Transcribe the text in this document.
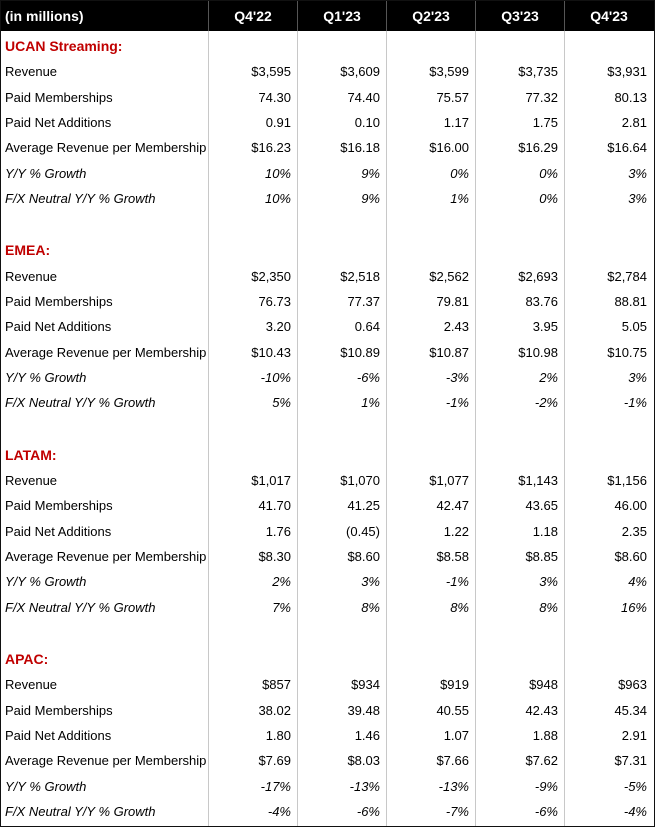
(in millions)	Q4'22	Q1'23	Q2'23	Q3'23	Q4'23
UCAN Streaming:
Revenue	$3,595	$3,609	$3,599	$3,735	$3,931
Paid Memberships	74.30	74.40	75.57	77.32	80.13
Paid Net Additions	0.91	0.10	1.17	1.75	2.81
Average Revenue per Membership	$16.23	$16.18	$16.00	$16.29	$16.64
Y/Y % Growth	10%	9%	0%	0%	3%
F/X Neutral Y/Y % Growth	10%	9%	1%	0%	3%
EMEA:
Revenue	$2,350	$2,518	$2,562	$2,693	$2,784
Paid Memberships	76.73	77.37	79.81	83.76	88.81
Paid Net Additions	3.20	0.64	2.43	3.95	5.05
Average Revenue per Membership	$10.43	$10.89	$10.87	$10.98	$10.75
Y/Y % Growth	-10%	-6%	-3%	2%	3%
F/X Neutral Y/Y % Growth	5%	1%	-1%	-2%	-1%
LATAM:
Revenue	$1,017	$1,070	$1,077	$1,143	$1,156
Paid Memberships	41.70	41.25	42.47	43.65	46.00
Paid Net Additions	1.76	(0.45)	1.22	1.18	2.35
Average Revenue per Membership	$8.30	$8.60	$8.58	$8.85	$8.60
Y/Y % Growth	2%	3%	-1%	3%	4%
F/X Neutral Y/Y % Growth	7%	8%	8%	8%	16%
APAC:
Revenue	$857	$934	$919	$948	$963
Paid Memberships	38.02	39.48	40.55	42.43	45.34
Paid Net Additions	1.80	1.46	1.07	1.88	2.91
Average Revenue per Membership	$7.69	$8.03	$7.66	$7.62	$7.31
Y/Y % Growth	-17%	-13%	-13%	-9%	-5%
F/X Neutral Y/Y % Growth	-4%	-6%	-7%	-6%	-4%
